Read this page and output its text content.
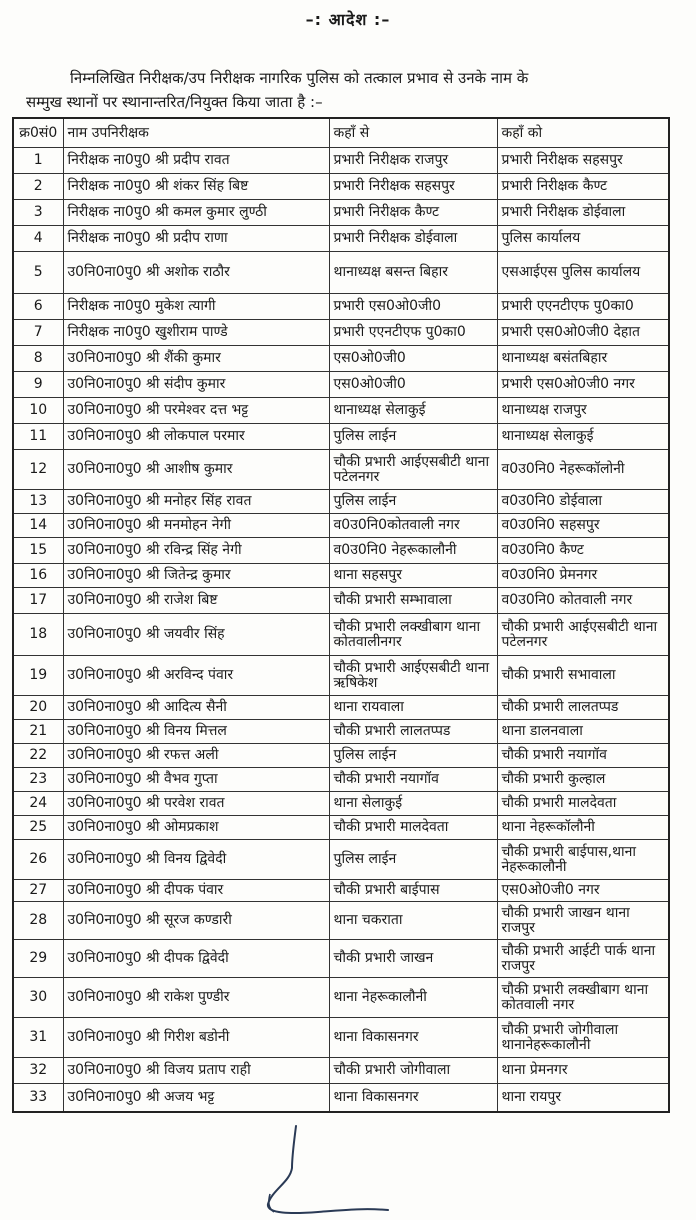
–: आदेश :–
निम्नलिखित निरीक्षक/उप निरीक्षक नागरिक पुलिस को तत्काल प्रभाव से उनके नाम के
सम्मुख स्थानों पर स्थानान्तरित/नियुक्त किया जाता है :–
क्र0सं0	नाम उपनिरीक्षक	कहाँ से	कहाँ को
1	निरीक्षक ना0पु0 श्री प्रदीप रावत	प्रभारी निरीक्षक राजपुर	प्रभारी निरीक्षक सहसपुर
2	निरीक्षक ना0पु0 श्री शंकर सिंह बिष्ट	प्रभारी निरीक्षक सहसपुर	प्रभारी निरीक्षक कैण्ट
3	निरीक्षक ना0पु0 श्री कमल कुमार लुण्ठी	प्रभारी निरीक्षक कैण्ट	प्रभारी निरीक्षक डोईवाला
4	निरीक्षक ना0पु0 श्री प्रदीप राणा	प्रभारी निरीक्षक डोईवाला	पुलिस कार्यालय
5	उ0नि0ना0पु0 श्री अशोक राठौर	थानाध्यक्ष बसन्त बिहार	एसआईएस पुलिस कार्यालय
6	निरीक्षक ना0पु0 मुकेश त्यागी	प्रभारी एस0ओ0जी0	प्रभारी एएनटीएफ पु0का0
7	निरीक्षक ना0पु0 खुशीराम पाण्डे	प्रभारी एएनटीएफ पु0का0	प्रभारी एस0ओ0जी0 देहात
8	उ0नि0ना0पु0 श्री शैंकी कुमार	एस0ओ0जी0	थानाध्यक्ष बसंतबिहार
9	उ0नि0ना0पु0 श्री संदीप कुमार	एस0ओ0जी0	प्रभारी एस0ओ0जी0 नगर
10	उ0नि0ना0पु0 श्री परमेश्वर दत्त भट्ट	थानाध्यक्ष सेलाकुई	थानाध्यक्ष राजपुर
11	उ0नि0ना0पु0 श्री लोकपाल परमार	पुलिस लाईन	थानाध्यक्ष सेलाकुई
12	उ0नि0ना0पु0 श्री आशीष कुमार	चौकी प्रभारी आईएसबीटी थाना पटेलनगर	व0उ0नि0 नेहरूकॉलोनी
13	उ0नि0ना0पु0 श्री मनोहर सिंह रावत	पुलिस लाईन	व0उ0नि0 डोईवाला
14	उ0नि0ना0पु0 श्री मनमोहन नेगी	व0उ0नि0कोतवाली नगर	व0उ0नि0 सहसपुर
15	उ0नि0ना0पु0 श्री रविन्द्र सिंह नेगी	व0उ0नि0 नेहरूकालौनी	व0उ0नि0 कैण्ट
16	उ0नि0ना0पु0 श्री जितेन्द्र कुमार	थाना सहसपुर	व0उ0नि0 प्रेमनगर
17	उ0नि0ना0पु0 श्री राजेश बिष्ट	चौकी प्रभारी सम्भावाला	व0उ0नि0 कोतवाली नगर
18	उ0नि0ना0पु0 श्री जयवीर सिंह	चौकी प्रभारी लक्खीबाग थाना कोतवालीनगर	चौकी प्रभारी आईएसबीटी थाना पटेलनगर
19	उ0नि0ना0पु0 श्री अरविन्द पंवार	चौकी प्रभारी आईएसबीटी थाना ऋषिकेश	चौकी प्रभारी सभावाला
20	उ0नि0ना0पु0 श्री आदित्य सैनी	थाना रायवाला	चौकी प्रभारी लालतप्पड
21	उ0नि0ना0पु0 श्री विनय मित्तल	चौकी प्रभारी लालतप्पड	थाना डालनवाला
22	उ0नि0ना0पु0 श्री रफत्त अली	पुलिस लाईन	चौकी प्रभारी नयागॉव
23	उ0नि0ना0पु0 श्री वैभव गुप्ता	चौकी प्रभारी नयागॉव	चौकी प्रभारी कुल्हाल
24	उ0नि0ना0पु0 श्री परवेश रावत	थाना सेलाकुई	चौकी प्रभारी मालदेवता
25	उ0नि0ना0पु0 श्री ओमप्रकाश	चौकी प्रभारी मालदेवता	थाना नेहरूकॉलौनी
26	उ0नि0ना0पु0 श्री विनय द्विवेदी	पुलिस लाईन	चौकी प्रभारी बाईपास,थाना नेहरूकालौनी
27	उ0नि0ना0पु0 श्री दीपक पंवार	चौकी प्रभारी बाईपास	एस0ओ0जी0 नगर
28	उ0नि0ना0पु0 श्री सूरज कण्डारी	थाना चकराता	चौकी प्रभारी जाखन थाना राजपुर
29	उ0नि0ना0पु0 श्री दीपक द्विवेदी	चौकी प्रभारी जाखन	चौकी प्रभारी आईटी पार्क थाना राजपुर
30	उ0नि0ना0पु0 श्री राकेश पुण्डीर	थाना नेहरूकालौनी	चौकी प्रभारी लक्खीबाग थाना कोतवाली नगर
31	उ0नि0ना0पु0 श्री गिरीश बडोनी	थाना विकासनगर	चौकी प्रभारी जोगीवाला थानानेहरूकालौनी
32	उ0नि0ना0पु0 श्री विजय प्रताप राही	चौकी प्रभारी जोगीवाला	थाना प्रेमनगर
33	उ0नि0ना0पु0 श्री अजय भट्ट	थाना विकासनगर	थाना रायपुर
